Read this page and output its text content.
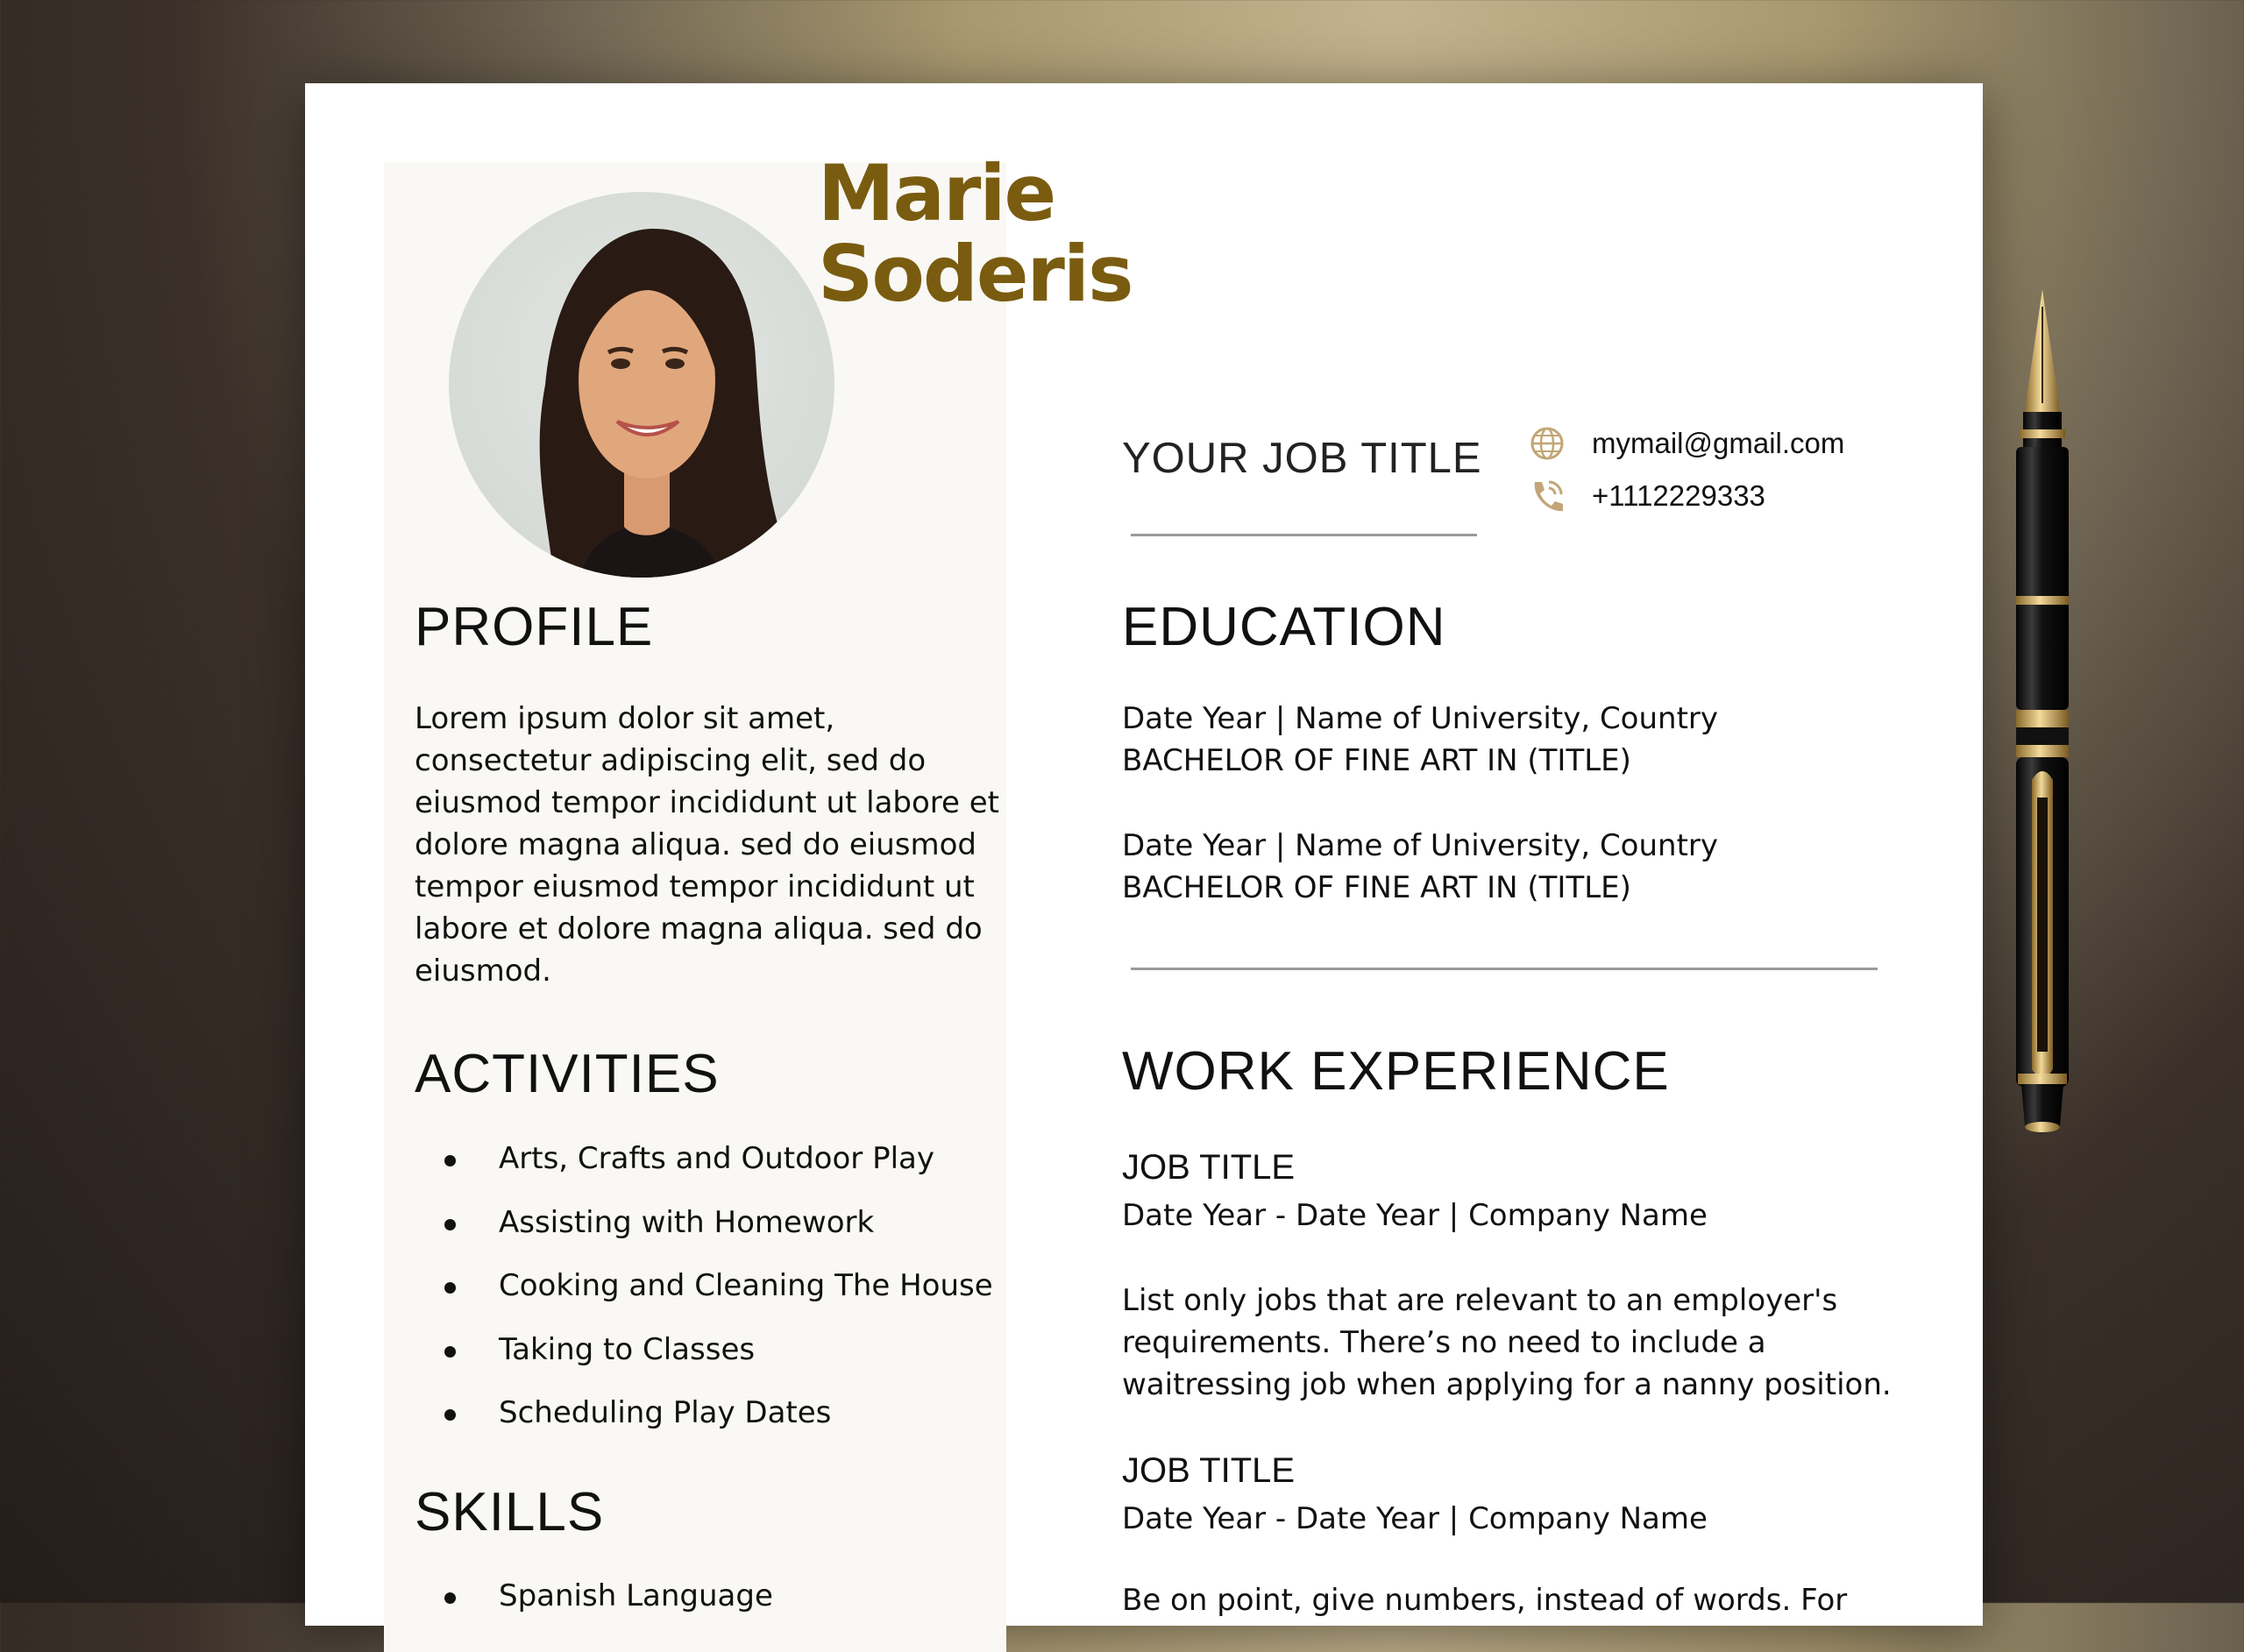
Marie
Soderis
YOUR JOB TITLE	mymail@gmail.com
+1112229333
PROFILE

Lorem ipsum dolor sit amet,
consectetur adipiscing elit, sed do
eiusmod tempor incididunt ut labore et
dolore magna aliqua. sed do eiusmod
tempor eiusmod tempor incididunt ut
labore et dolore magna aliqua. sed do
eiusmod.

ACTIVITIES
Arts, Crafts and Outdoor Play
Assisting with Homework
Cooking and Cleaning The House
Taking to Classes
Scheduling Play Dates
SKILLS
Spanish Language
EDUCATION

Date Year | Name of University, Country
BACHELOR OF FINE ART IN (TITLE)

Date Year | Name of University, Country
BACHELOR OF FINE ART IN (TITLE)

WORK EXPERIENCE
JOB TITLE

Date Year - Date Year | Company Name

List only jobs that are relevant to an employer's
requirements. There’s no need to include a
waitressing job when applying for a nanny position.

JOB TITLE

Date Year - Date Year | Company Name

Be on point, give numbers, instead of words. For
